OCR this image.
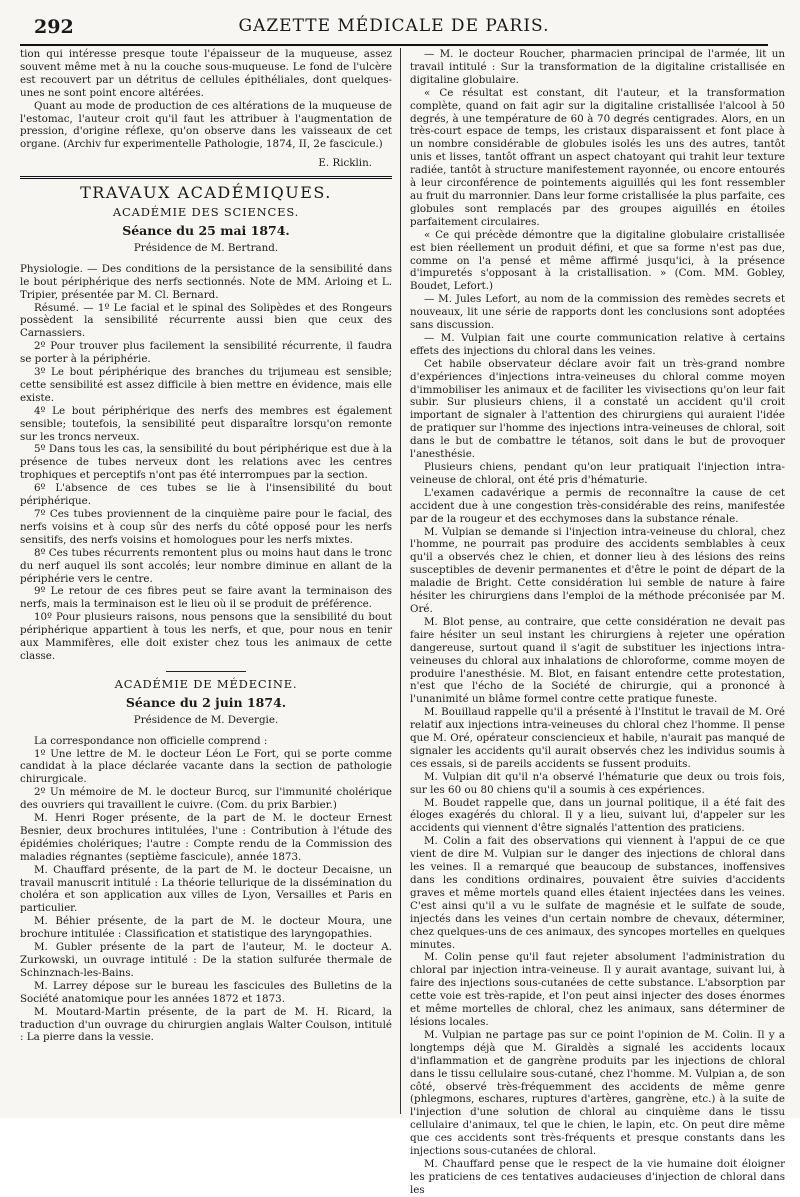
292	GAZETTE MÉDICALE DE PARIS.

tion qui intéresse presque toute l'épaisseur de la muqueuse, assez souvent même met à nu la couche sous-muqueuse. Le fond de l'ulcère est recouvert par un détritus de cellules épithéliales, dont quelques-unes ne sont point encore altérées.

Quant au mode de production de ces altérations de la muqueuse de l'estomac, l'auteur croit qu'il faut les attribuer à l'augmentation de pression, d'origine réflexe, qu'on observe dans les vaisseaux de cet organe. (Archiv fur experimentelle Pathologie, 1874, II, 2e fascicule.)

E. Ricklin.
TRAVAUX ACADÉMIQUES.
ACADÉMIE DES SCIENCES.
Séance du 25 mai 1874.
Présidence de M. Bertrand.

Physiologie. — Des conditions de la persistance de la sensibilité dans le bout périphérique des nerfs sectionnés. Note de MM. Arloing et L. Tripier, présentée par M. Cl. Bernard.

Résumé. — 1º Le facial et le spinal des Solipèdes et des Rongeurs possèdent la sensibilité récurrente aussi bien que ceux des Carnassiers.

2º Pour trouver plus facilement la sensibilité récurrente, il faudra se porter à la périphérie.

3º Le bout périphérique des branches du trijumeau est sensible; cette sensibilité est assez difficile à bien mettre en évidence, mais elle existe.

4º Le bout périphérique des nerfs des membres est également sensible; toutefois, la sensibilité peut disparaître lorsqu'on remonte sur les troncs nerveux.

5º Dans tous les cas, la sensibilité du bout périphérique est due à la présence de tubes nerveux dont les relations avec les centres trophiques et perceptifs n'ont pas été interrompues par la section.

6º L'absence de ces tubes se lie à l'insensibilité du bout périphérique.

7º Ces tubes proviennent de la cinquième paire pour le facial, des nerfs voisins et à coup sûr des nerfs du côté opposé pour les nerfs sensitifs, des nerfs voisins et homologues pour les nerfs mixtes.

8º Ces tubes récurrents remontent plus ou moins haut dans le tronc du nerf auquel ils sont accolés; leur nombre diminue en allant de la périphérie vers le centre.

9º Le retour de ces fibres peut se faire avant la terminaison des nerfs, mais la terminaison est le lieu où il se produit de préférence.

10º Pour plusieurs raisons, nous pensons que la sensibilité du bout périphérique appartient à tous les nerfs, et que, pour nous en tenir aux Mammifères, elle doit exister chez tous les animaux de cette classe.

ACADÉMIE DE MÉDECINE.
Séance du 2 juin 1874.
Présidence de M. Devergie.

La correspondance non officielle comprend :

1º Une lettre de M. le docteur Léon Le Fort, qui se porte comme candidat à la place déclarée vacante dans la section de pathologie chirurgicale.

2º Un mémoire de M. le docteur Burcq, sur l'immunité cholérique des ouvriers qui travaillent le cuivre. (Com. du prix Barbier.)

M. Henri Roger présente, de la part de M. le docteur Ernest Besnier, deux brochures intitulées, l'une : Contribution à l'étude des épidémies cholériques; l'autre : Compte rendu de la Commission des maladies régnantes (septième fascicule), année 1873.

M. Chauffard présente, de la part de M. le docteur Decaisne, un travail manuscrit intitulé : La théorie tellurique de la dissémination du choléra et son application aux villes de Lyon, Versailles et Paris en particulier.

M. Béhier présente, de la part de M. le docteur Moura, une brochure intitulée : Classification et statistique des laryngopathies.

M. Gubler présente de la part de l'auteur, M. le docteur A. Zurkowski, un ouvrage intitulé : De la station sulfurée thermale de Schinznach-les-Bains.

M. Larrey dépose sur le bureau les fascicules des Bulletins de la Société anatomique pour les années 1872 et 1873.

M. Moutard-Martin présente, de la part de M. H. Ricard, la traduction d'un ouvrage du chirurgien anglais Walter Coulson, intitulé : La pierre dans la vessie.

— M. le docteur Roucher, pharmacien principal de l'armée, lit un travail intitulé : Sur la transformation de la digitaline cristallisée en digitaline globulaire.

« Ce résultat est constant, dit l'auteur, et la transformation complète, quand on fait agir sur la digitaline cristallisée l'alcool à 50 degrés, à une température de 60 à 70 degrés centigrades. Alors, en un très-court espace de temps, les cristaux disparaissent et font place à un nombre considérable de globules isolés les uns des autres, tantôt unis et lisses, tantôt offrant un aspect chatoyant qui trahit leur texture radiée, tantôt à structure manifestement rayonnée, ou encore entourés à leur circonférence de pointements aiguillés qui les font ressembler au fruit du marronnier. Dans leur forme cristallisée la plus parfaite, ces globules sont remplacés par des groupes aiguillés en étoiles parfaitement circulaires.

« Ce qui précède démontre que la digitaline globulaire cristallisée est bien réellement un produit défini, et que sa forme n'est pas due, comme on l'a pensé et même affirmé jusqu'ici, à la présence d'impuretés s'opposant à la cristallisation. » (Com. MM. Gobley, Boudet, Lefort.)

— M. Jules Lefort, au nom de la commission des remèdes secrets et nouveaux, lit une série de rapports dont les conclusions sont adoptées sans discussion.

— M. Vulpian fait une courte communication relative à certains effets des injections du chloral dans les veines.

Cet habile observateur déclare avoir fait un très-grand nombre d'expériences d'injections intra-veineuses du chloral comme moyen d'immobiliser les animaux et de faciliter les vivisections qu'on leur fait subir. Sur plusieurs chiens, il a constaté un accident qu'il croit important de signaler à l'attention des chirurgiens qui auraient l'idée de pratiquer sur l'homme des injections intra-veineuses de chloral, soit dans le but de combattre le tétanos, soit dans le but de provoquer l'anesthésie.

Plusieurs chiens, pendant qu'on leur pratiquait l'injection intra-veineuse de chloral, ont été pris d'hématurie.

L'examen cadavérique a permis de reconnaître la cause de cet accident due à une congestion très-considérable des reins, manifestée par de la rougeur et des ecchymoses dans la substance rénale.

M. Vulpian se demande si l'injection intra-veineuse du chloral, chez l'homme, ne pourrait pas produire des accidents semblables à ceux qu'il a observés chez le chien, et donner lieu à des lésions des reins susceptibles de devenir permanentes et d'être le point de départ de la maladie de Bright. Cette considération lui semble de nature à faire hésiter les chirurgiens dans l'emploi de la méthode préconisée par M. Oré.

M. Blot pense, au contraire, que cette considération ne devait pas faire hésiter un seul instant les chirurgiens à rejeter une opération dangereuse, surtout quand il s'agit de substituer les injections intra-veineuses du chloral aux inhalations de chloroforme, comme moyen de produire l'anesthésie. M. Blot, en faisant entendre cette protestation, n'est que l'écho de la Société de chirurgie, qui a prononcé à l'unanimité un blâme formel contre cette pratique funeste.

M. Bouillaud rappelle qu'il a présenté à l'Institut le travail de M. Oré relatif aux injections intra-veineuses du chloral chez l'homme. Il pense que M. Oré, opérateur consciencieux et habile, n'aurait pas manqué de signaler les accidents qu'il aurait observés chez les individus soumis à ces essais, si de pareils accidents se fussent produits.

M. Vulpian dit qu'il n'a observé l'hématurie que deux ou trois fois, sur les 60 ou 80 chiens qu'il a soumis à ces expériences.

M. Boudet rappelle que, dans un journal politique, il a été fait des éloges exagérés du chloral. Il y a lieu, suivant lui, d'appeler sur les accidents qui viennent d'être signalés l'attention des praticiens.

M. Colin a fait des observations qui viennent à l'appui de ce que vient de dire M. Vulpian sur le danger des injections de chloral dans les veines. Il a remarqué que beaucoup de substances, inoffensives dans les conditions ordinaires, pouvaient être suivies d'accidents graves et même mortels quand elles étaient injectées dans les veines. C'est ainsi qu'il a vu le sulfate de magnésie et le sulfate de soude, injectés dans les veines d'un certain nombre de chevaux, déterminer, chez quelques-uns de ces animaux, des syncopes mortelles en quelques minutes.

M. Colin pense qu'il faut rejeter absolument l'administration du chloral par injection intra-veineuse. Il y aurait avantage, suivant lui, à faire des injections sous-cutanées de cette substance. L'absorption par cette voie est très-rapide, et l'on peut ainsi injecter des doses énormes et même mortelles de chloral, chez les animaux, sans déterminer de lésions locales.

M. Vulpian ne partage pas sur ce point l'opinion de M. Colin. Il y a longtemps déjà que M. Giraldès a signalé les accidents locaux d'inflammation et de gangrène produits par les injections de chloral dans le tissu cellulaire sous-cutané, chez l'homme. M. Vulpian a, de son côté, observé très-fréquemment des accidents de même genre (phlegmons, eschares, ruptures d'artères, gangrène, etc.) à la suite de l'injection d'une solution de chloral au cinquième dans le tissu cellulaire d'animaux, tel que le chien, le lapin, etc. On peut dire même que ces accidents sont très-fréquents et presque constants dans les injections sous-cutanées de chloral.

M. Chauffard pense que le respect de la vie humaine doit éloigner les praticiens de ces tentatives audacieuses d'injection de chloral dans les
